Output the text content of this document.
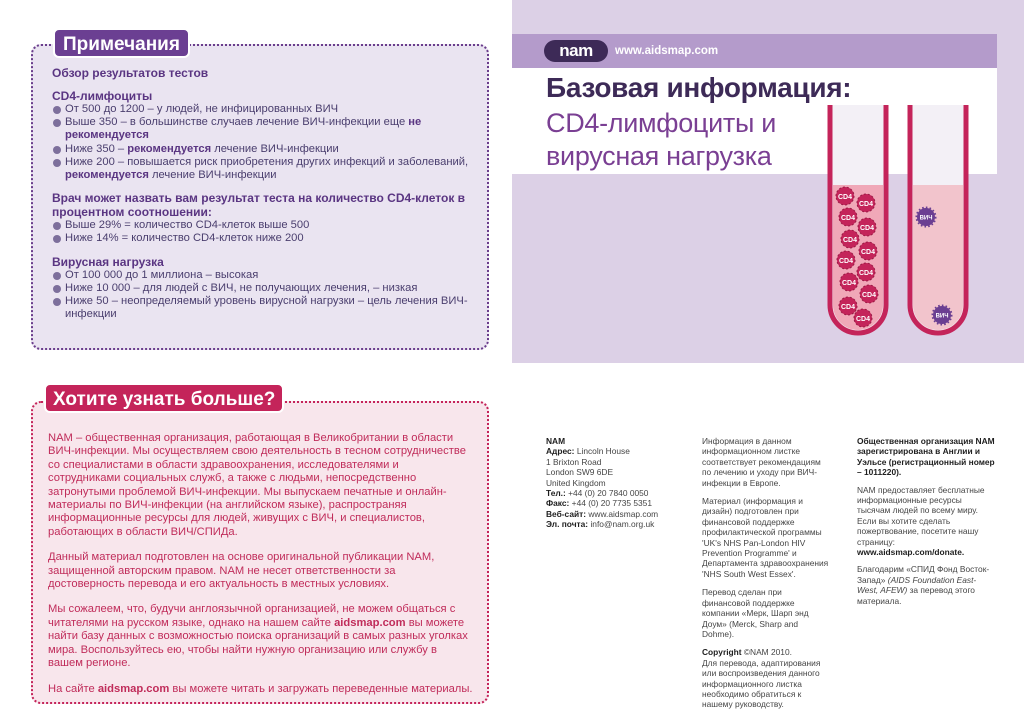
Примечания
Обзор результатов тестов
CD4-лимфоциты
От 500 до 1200 – у людей, не инфицированных ВИЧ
Выше 350 – в большинстве случаев лечение ВИЧ-инфекции еще не рекомендуется
Ниже 350 – рекомендуется лечение ВИЧ-инфекции
Ниже 200 – повышается риск приобретения других инфекций и заболеваний, рекомендуется лечение ВИЧ-инфекции
Врач может назвать вам результат теста на количество CD4-клеток в процентном соотношении:
Выше 29% = количество CD4-клеток выше 500
Ниже 14% = количество CD4-клеток ниже 200
Вирусная нагрузка
От 100 000 до 1 миллиона – высокая
Ниже 10 000 – для людей с ВИЧ, не получающих лечения, – низкая
Ниже 50 – неопределяемый уровень вирусной нагрузки – цель лечения ВИЧ-инфекции
nam	www.aidsmap.com
Базовая информация:
CD4-лимфоциты и
вирусная нагрузка
CD4
CD4
CD4
CD4
CD4
CD4
CD4
CD4
CD4
CD4
CD4
CD4
ВИЧ
ВИЧ
Хотите узнать больше?

NAM – общественная организация, работающая в Великобритании в области ВИЧ-инфекции. Мы осуществляем свою деятельность в тесном сотрудничестве со специалистами в области здравоохранения, исследователями и сотрудниками социальных служб, а также с людьми, непосредственно затронутыми проблемой ВИЧ-инфекции. Мы выпускаем печатные и онлайн-материалы по ВИЧ-инфекции (на английском языке), распространяя информационные ресурсы для людей, живущих с ВИЧ, и специалистов, работающих в области ВИЧ/СПИДа.

Данный материал подготовлен на основе оригинальной публикации NAM, защищенной авторским правом. NAM не несет ответственности за достоверность перевода и его актуальность в местных условиях.

Мы сожалеем, что, будучи англоязычной организацией, не можем общаться с читателями на русском языке, однако на нашем сайте aidsmap.com вы можете найти базу данных с возможностью поиска организаций в самых разных уголках мира. Воспользуйтесь ею, чтобы найти нужную организацию или службу в вашем регионе.

На сайте aidsmap.com вы можете читать и загружать переведенные материалы.

NAM
Адрес: Lincoln House
1 Brixton Road
London SW9 6DE
United Kingdom
Тел.: +44 (0) 20 7840 0050
Факс: +44 (0) 20 7735 5351
Веб-сайт: www.aidsmap.com
Эл. почта: info@nam.org.uk

Информация в данном информационном листке соответствует рекомендациям по лечению и уходу при ВИЧ-инфекции в Европе.

Материал (информация и дизайн) подготовлен при финансовой поддержке профилактической программы 'UK's NHS Pan-London HIV Prevention Programme' и Департамента здравоохранения 'NHS South West Essex'.

Перевод сделан при финансовой поддержке компании «Мерк, Шарп энд Доум» (Merck, Sharp and Dohme).

Copyright ©NAM 2010.
Для перевода, адаптирования или воспроизведения данного информационного листка необходимо обратиться к нашему руководству.

Общественная организация NAM зарегистрирована в Англии и Уэльсе (регистрационный номер – 1011220).

NAM предоставляет бесплатные информационные ресурсы тысячам людей по всему миру. Если вы хотите сделать пожертвование, посетите нашу страницу: www.aidsmap.com/donate.

Благодарим «СПИД Фонд Восток-Запад» (AIDS Foundation East-West, AFEW) за перевод этого материала.
